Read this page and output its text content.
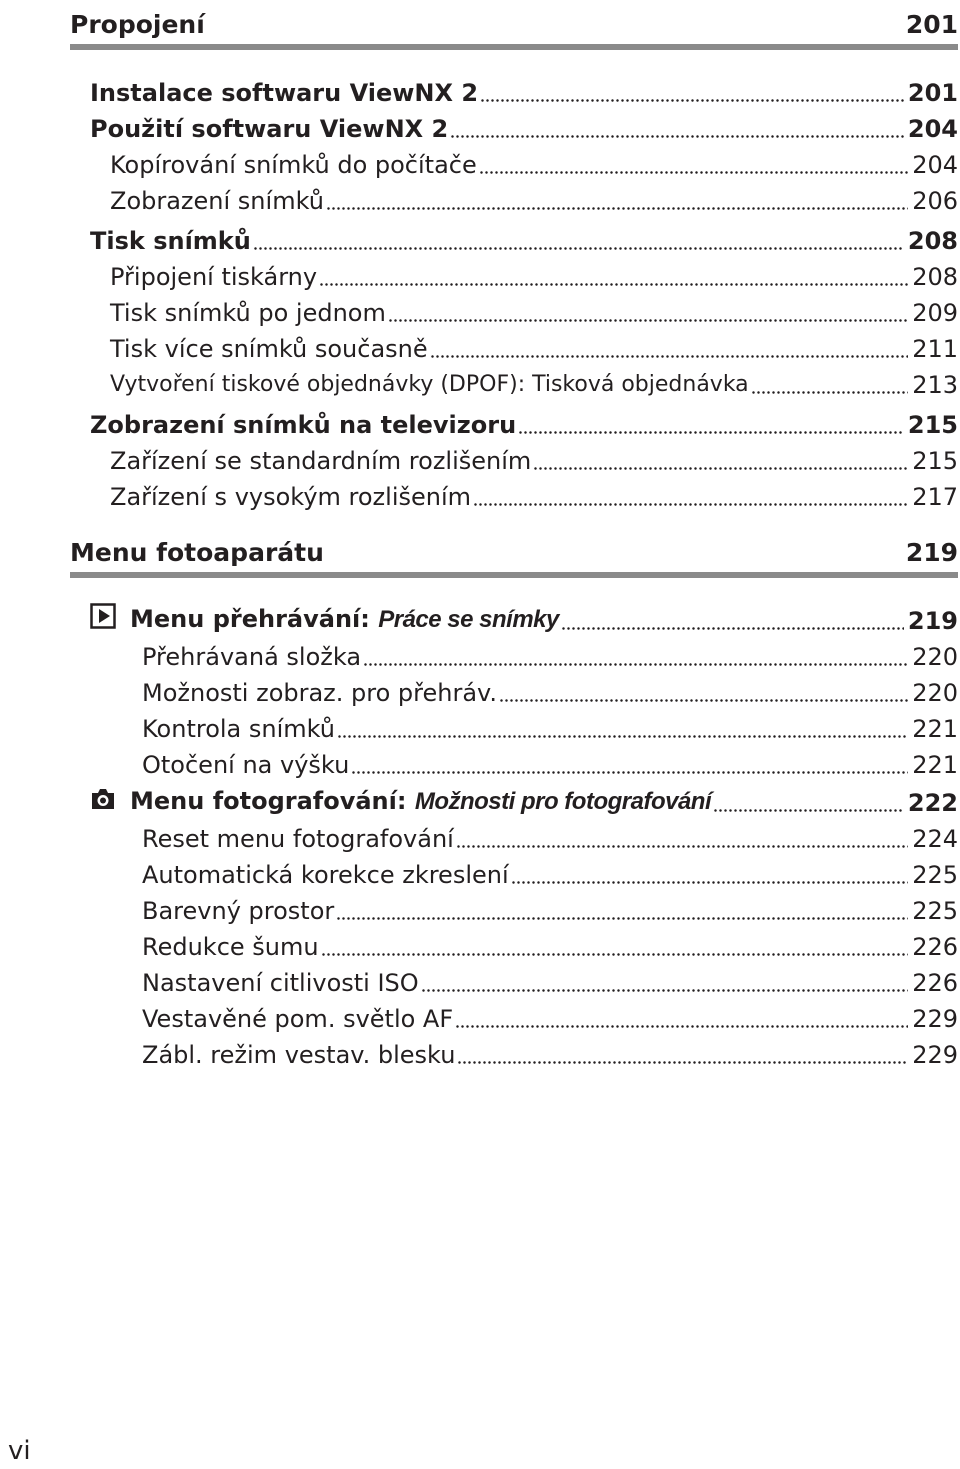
Propojení	201
Instalace softwaru ViewNX 2	201
Použití softwaru ViewNX 2	204
Kopírování snímků do počítače	204
Zobrazení snímků	206
Tisk snímků	208
Připojení tiskárny	208
Tisk snímků po jednom	209
Tisk více snímků současně	211
Vytvoření tiskové objednávky (DPOF): Tisková objednávka	213
Zobrazení snímků na televizoru	215
Zařízení se standardním rozlišením	215
Zařízení s vysokým rozlišením	217
Menu fotoaparátu	219
Menu přehrávání: Práce se snímky	219
Přehrávaná složka	220
Možnosti zobraz. pro přehráv.	220
Kontrola snímků	221
Otočení na výšku	221
Menu fotografování: Možnosti pro fotografování	222
Reset menu fotografování	224
Automatická korekce zkreslení	225
Barevný prostor	225
Redukce šumu	226
Nastavení citlivosti ISO	226
Vestavěné pom. světlo AF	229
Zábl. režim vestav. blesku	229
vi
